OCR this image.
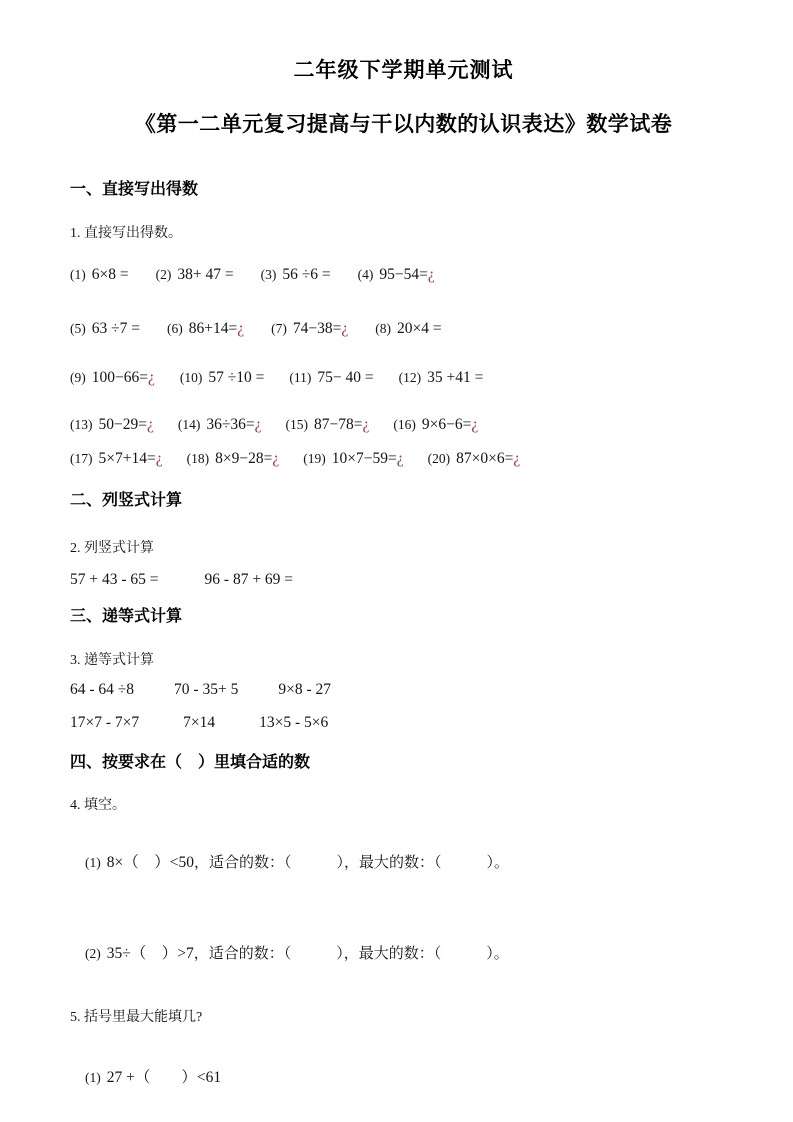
二年级下学期单元测试
《第一二单元复习提高与干以内数的认识表达》数学试卷
一、直接写出得数
1. 直接写出得数。
(1) 6×8 = (2) 38+ 47 = (3) 56 ÷6 = (4) 95−54=¿
(5) 63 ÷7 = (6) 86+14=¿ (7) 74−38=¿ (8) 20×4 =
(9) 100−66=¿ (10) 57 ÷10 = (11) 75− 40 = (12) 35 +41 =
(13) 50−29=¿ (14) 36÷36=¿ (15) 87−78=¿ (16) 9×6−6=¿
(17) 5×7+14=¿ (18) 8×9−28=¿ (19) 10×7−59=¿ (20) 87×0×6=¿
二、列竖式计算
2. 列竖式计算
57 + 43 - 65 =	96 - 87 + 69 =
三、递等式计算
3. 递等式计算
64 - 64 ÷8	70 - 35+ 5	9×8 - 27
17×7 - 7×7	7×14	13×5 - 5×6
四、按要求在（　）里填合适的数
4. 填空。

(1) 8×（　）<50，适合的数：（　　　），最大的数：（　　　）。

(2) 35÷（　）>7，适合的数：（　　　），最大的数：（　　　）。

5. 括号里最大能填几?

(1) 27 +（　　）<61
